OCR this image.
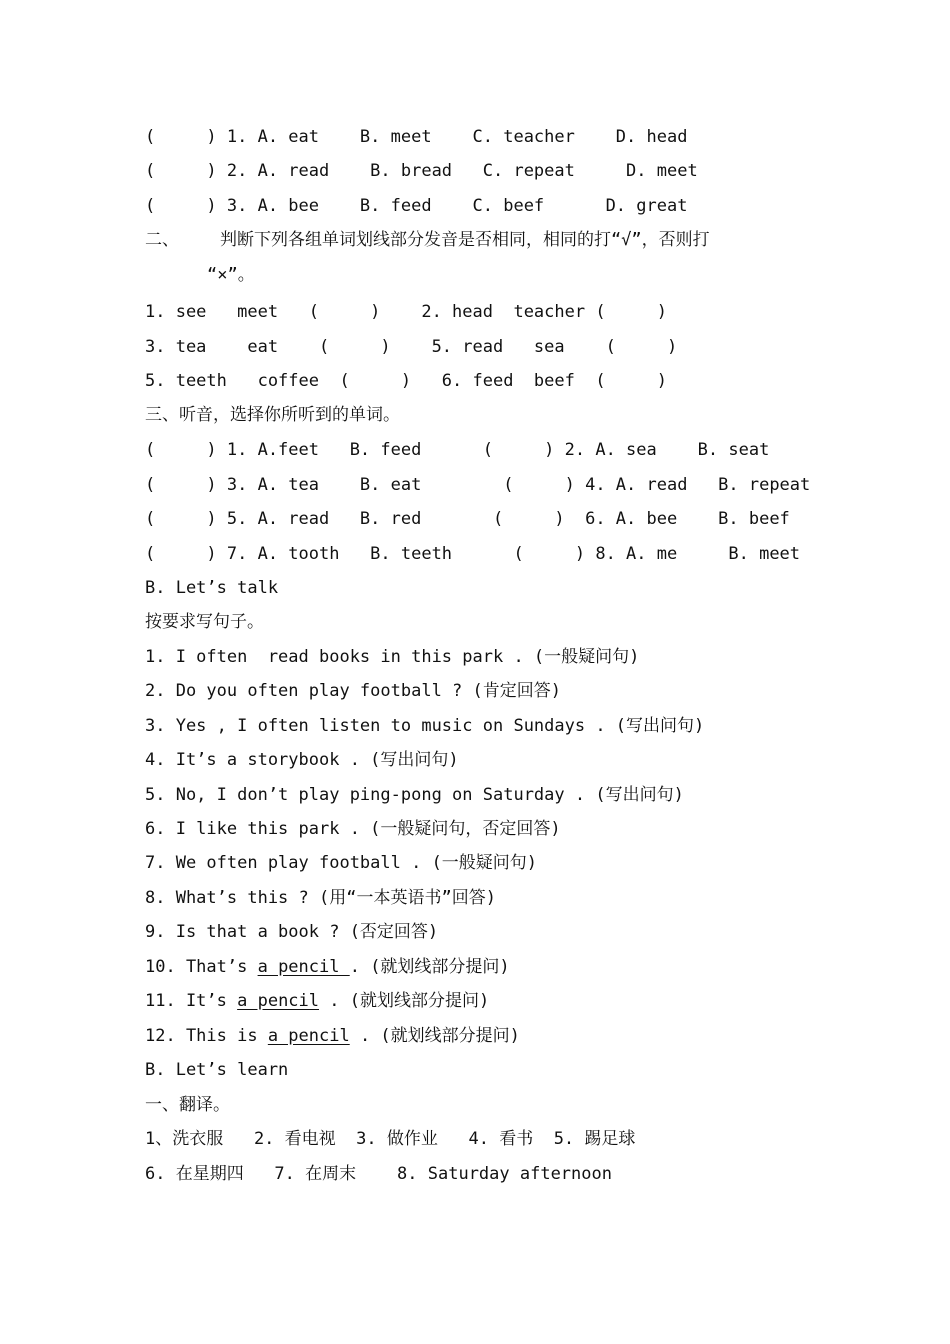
(     ) 1. A. eat    B. meet    C. teacher    D. head
(     ) 2. A. read    B. bread   C. repeat     D. meet
(     ) 3. A. bee    B. feed    C. beef      D. great
二、    判断下列各组单词划线部分发音是否相同，相同的打“√”，否则打
“×”。
1. see   meet   (     )    2. head  teacher (     )
3. tea    eat    (     )    5. read   sea    (     )
5. teeth   coffee  (     )   6. feed  beef  (     )
三、听音，选择你所听到的单词。
(     ) 1. A.feet   B. feed      (     ) 2. A. sea    B. seat
(     ) 3. A. tea    B. eat        (     ) 4. A. read   B. repeat
(     ) 5. A. read   B. red       (     )  6. A. bee    B. beef
(     ) 7. A. tooth   B. teeth      (     ) 8. A. me     B. meet
B. Let’s talk
按要求写句子。
1. I often  read books in this park . (一般疑问句)
2. Do you often play football ? (肯定回答)
3. Yes , I often listen to music on Sundays . (写出问句)
4. It’s a storybook . (写出问句)
5. No, I don’t play ping-pong on Saturday . (写出问句)
6. I like this park . (一般疑问句，否定回答)
7. We often play football . (一般疑问句)
8. What’s this ? (用“一本英语书”回答)
9. Is that a book ? (否定回答)
10. That’s a pencil . (就划线部分提问)
11. It’s a pencil . (就划线部分提问)
12. This is a pencil . (就划线部分提问)
B. Let’s learn
一、翻译。
1、洗衣服   2. 看电视  3. 做作业   4. 看书  5. 踢足球
6. 在星期四   7. 在周末    8. Saturday afternoon
